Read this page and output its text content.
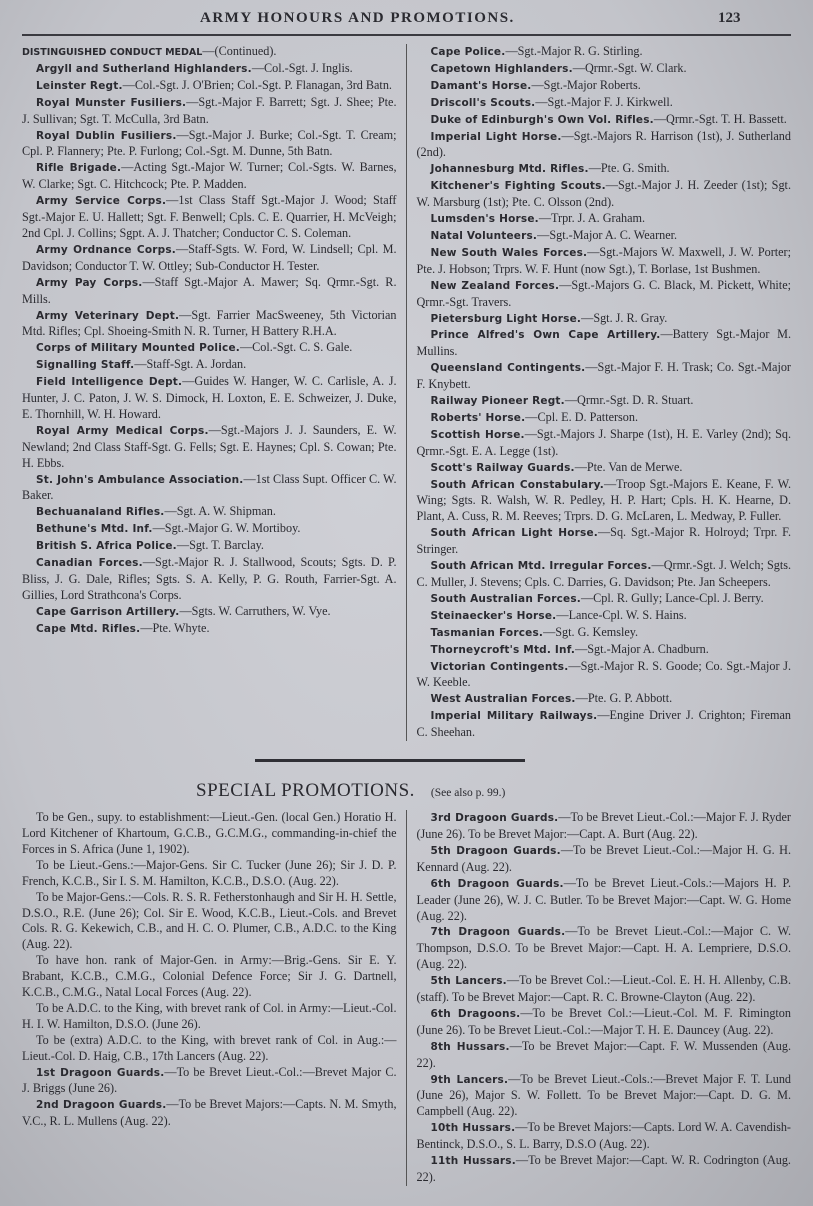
ARMY HONOURS AND PROMOTIONS.	123

DISTINGUISHED CONDUCT MEDAL—(Continued).

Argyll and Sutherland Highlanders.—Col.-Sgt. J. Inglis.

Leinster Regt.—Col.-Sgt. J. O'Brien; Col.-Sgt. P. Flanagan, 3rd Batn.

Royal Munster Fusiliers.—Sgt.-Major F. Barrett; Sgt. J. Shee; Pte. J. Sullivan; Sgt. T. McCulla, 3rd Batn.

Royal Dublin Fusiliers.—Sgt.-Major J. Burke; Col.-Sgt. T. Cream; Cpl. P. Flannery; Pte. P. Furlong; Col.-Sgt. M. Dunne, 5th Batn.

Rifle Brigade.—Acting Sgt.-Major W. Turner; Col.-Sgts. W. Barnes, W. Clarke; Sgt. C. Hitchcock; Pte. P. Madden.

Army Service Corps.—1st Class Staff Sgt.-Major J. Wood; Staff Sgt.-Major E. U. Hallett; Sgt. F. Benwell; Cpls. C. E. Quarrier, H. McVeigh; 2nd Cpl. J. Collins; Sgpt. A. J. Thatcher; Conductor C. S. Coleman.

Army Ordnance Corps.—Staff-Sgts. W. Ford, W. Lindsell; Cpl. M. Davidson; Conductor T. W. Ottley; Sub-Conductor H. Tester.

Army Pay Corps.—Staff Sgt.-Major A. Mawer; Sq. Qrmr.-Sgt. R. Mills.

Army Veterinary Dept.—Sgt. Farrier MacSweeney, 5th Victorian Mtd. Rifles; Cpl. Shoeing-Smith N. R. Turner, H Battery R.H.A.

Corps of Military Mounted Police.—Col.-Sgt. C. S. Gale.

Signalling Staff.—Staff-Sgt. A. Jordan.

Field Intelligence Dept.—Guides W. Hanger, W. C. Carlisle, A. J. Hunter, J. C. Paton, J. W. S. Dimock, H. Loxton, E. E. Schweizer, J. Duke, E. Thornhill, W. H. Howard.

Royal Army Medical Corps.—Sgt.-Majors J. J. Saunders, E. W. Newland; 2nd Class Staff-Sgt. G. Fells; Sgt. E. Haynes; Cpl. S. Cowan; Pte. H. Ebbs.

St. John's Ambulance Association.—1st Class Supt. Officer C. W. Baker.

Bechuanaland Rifles.—Sgt. A. W. Shipman.

Bethune's Mtd. Inf.—Sgt.-Major G. W. Mortiboy.

British S. Africa Police.—Sgt. T. Barclay.

Canadian Forces.—Sgt.-Major R. J. Stallwood, Scouts; Sgts. D. P. Bliss, J. G. Dale, Rifles; Sgts. S. A. Kelly, P. G. Routh, Farrier-Sgt. A. Gillies, Lord Strathcona's Corps.

Cape Garrison Artillery.—Sgts. W. Carruthers, W. Vye.

Cape Mtd. Rifles.—Pte. Whyte.

Cape Police.—Sgt.-Major R. G. Stirling.

Capetown Highlanders.—Qrmr.-Sgt. W. Clark.

Damant's Horse.—Sgt.-Major Roberts.

Driscoll's Scouts.—Sgt.-Major F. J. Kirkwell.

Duke of Edinburgh's Own Vol. Rifles.—Qrmr.-Sgt. T. H. Bassett.

Imperial Light Horse.—Sgt.-Majors R. Harrison (1st), J. Sutherland (2nd).

Johannesburg Mtd. Rifles.—Pte. G. Smith.

Kitchener's Fighting Scouts.—Sgt.-Major J. H. Zeeder (1st); Sgt. W. Marsburg (1st); Pte. C. Olsson (2nd).

Lumsden's Horse.—Trpr. J. A. Graham.

Natal Volunteers.—Sgt.-Major A. C. Wearner.

New South Wales Forces.—Sgt.-Majors W. Maxwell, J. W. Porter; Pte. J. Hobson; Trprs. W. F. Hunt (now Sgt.), T. Borlase, 1st Bushmen.

New Zealand Forces.—Sgt.-Majors G. C. Black, M. Pickett, White; Qrmr.-Sgt. Travers.

Pietersburg Light Horse.—Sgt. J. R. Gray.

Prince Alfred's Own Cape Artillery.—Battery Sgt.-Major M. Mullins.

Queensland Contingents.—Sgt.-Major F. H. Trask; Co. Sgt.-Major F. Knybett.

Railway Pioneer Regt.—Qrmr.-Sgt. D. R. Stuart.

Roberts' Horse.—Cpl. E. D. Patterson.

Scottish Horse.—Sgt.-Majors J. Sharpe (1st), H. E. Varley (2nd); Sq. Qrmr.-Sgt. E. A. Legge (1st).

Scott's Railway Guards.—Pte. Van de Merwe.

South African Constabulary.—Troop Sgt.-Majors E. Keane, F. W. Wing; Sgts. R. Walsh, W. R. Pedley, H. P. Hart; Cpls. H. K. Hearne, D. Plant, A. Cuss, R. M. Reeves; Trprs. D. G. McLaren, L. Medway, P. Fuller.

South African Light Horse.—Sq. Sgt.-Major R. Holroyd; Trpr. F. Stringer.

South African Mtd. Irregular Forces.—Qrmr.-Sgt. J. Welch; Sgts. C. Muller, J. Stevens; Cpls. C. Darries, G. Davidson; Pte. Jan Scheepers.

South Australian Forces.—Cpl. R. Gully; Lance-Cpl. J. Berry.

Steinaecker's Horse.—Lance-Cpl. W. S. Hains.

Tasmanian Forces.—Sgt. G. Kemsley.

Thorneycroft's Mtd. Inf.—Sgt.-Major A. Chadburn.

Victorian Contingents.—Sgt.-Major R. S. Goode; Co. Sgt.-Major J. W. Keeble.

West Australian Forces.—Pte. G. P. Abbott.

Imperial Military Railways.—Engine Driver J. Crighton; Fireman C. Sheehan.

SPECIAL PROMOTIONS. (See also p. 99.)

To be Gen., supy. to establishment:—Lieut.-Gen. (local Gen.) Horatio H. Lord Kitchener of Khartoum, G.C.B., G.C.M.G., commanding-in-chief the Forces in S. Africa (June 1, 1902).

To be Lieut.-Gens.:—Major-Gens. Sir C. Tucker (June 26); Sir J. D. P. French, K.C.B., Sir I. S. M. Hamilton, K.C.B., D.S.O. (Aug. 22).

To be Major-Gens.:—Cols. R. S. R. Fetherstonhaugh and Sir H. H. Settle, D.S.O., R.E. (June 26); Col. Sir E. Wood, K.C.B., Lieut.-Cols. and Brevet Cols. R. G. Kekewich, C.B., and H. C. O. Plumer, C.B., A.D.C. to the King (Aug. 22).

To have hon. rank of Major-Gen. in Army:—Brig.-Gens. Sir E. Y. Brabant, K.C.B., C.M.G., Colonial Defence Force; Sir J. G. Dartnell, K.C.B., C.M.G., Natal Local Forces (Aug. 22).

To be A.D.C. to the King, with brevet rank of Col. in Army:—Lieut.-Col. H. I. W. Hamilton, D.S.O. (June 26).

To be (extra) A.D.C. to the King, with brevet rank of Col. in Aug.:—Lieut.-Col. D. Haig, C.B., 17th Lancers (Aug. 22).

1st Dragoon Guards.—To be Brevet Lieut.-Col.:—Brevet Major C. J. Briggs (June 26).

2nd Dragoon Guards.—To be Brevet Majors:—Capts. N. M. Smyth, V.C., R. L. Mullens (Aug. 22).

3rd Dragoon Guards.—To be Brevet Lieut.-Col.:—Major F. J. Ryder (June 26). To be Brevet Major:—Capt. A. Burt (Aug. 22).

5th Dragoon Guards.—To be Brevet Lieut.-Col.:—Major H. G. H. Kennard (Aug. 22).

6th Dragoon Guards.—To be Brevet Lieut.-Cols.:—Majors H. P. Leader (June 26), W. J. C. Butler. To be Brevet Major:—Capt. W. G. Home (Aug. 22).

7th Dragoon Guards.—To be Brevet Lieut.-Col.:—Major C. W. Thompson, D.S.O. To be Brevet Major:—Capt. H. A. Lempriere, D.S.O. (Aug. 22).

5th Lancers.—To be Brevet Col.:—Lieut.-Col. E. H. H. Allenby, C.B. (staff). To be Brevet Major:—Capt. R. C. Browne-Clayton (Aug. 22).

6th Dragoons.—To be Brevet Col.:—Lieut.-Col. M. F. Rimington (June 26). To be Brevet Lieut.-Col.:—Major T. H. E. Dauncey (Aug. 22).

8th Hussars.—To be Brevet Major:—Capt. F. W. Mussenden (Aug. 22).

9th Lancers.—To be Brevet Lieut.-Cols.:—Brevet Major F. T. Lund (June 26), Major S. W. Follett. To be Brevet Major:—Capt. D. G. M. Campbell (Aug. 22).

10th Hussars.—To be Brevet Majors:—Capts. Lord W. A. Cavendish-Bentinck, D.S.O., S. L. Barry, D.S.O (Aug. 22).

11th Hussars.—To be Brevet Major:—Capt. W. R. Codrington (Aug. 22).
